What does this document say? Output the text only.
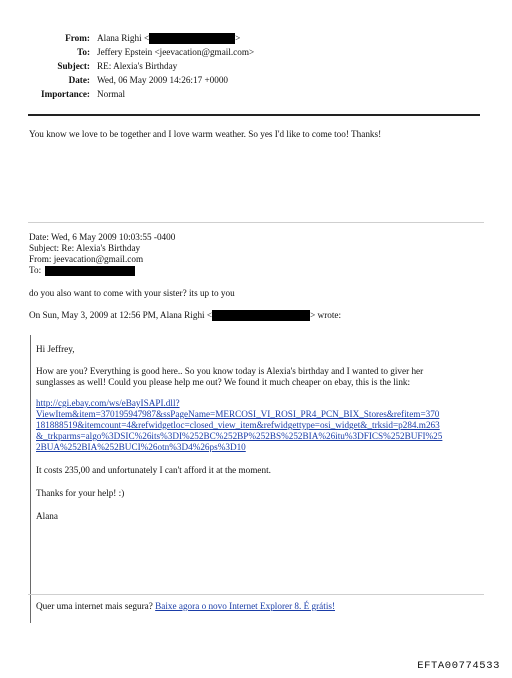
From: Alana Righi <	>
To: Jeffery Epstein <jeevacation@gmail.com>
Subject: RE: Alexia's Birthday
Date: Wed, 06 May 2009 14:26:17 +0000
Importance: Normal
You know we love to be together and I love warm weather. So yes I'd like to come too! Thanks!
Date: Wed, 6 May 2009 10:03:55 -0400
Subject: Re: Alexia's Birthday
From: jeevacation@gmail.com
To:
do you also want to come with your sister? its up to you
On Sun, May 3, 2009 at 12:56 PM, Alana Righi <	> wrote:
Hi Jeffrey,
How are you? Everything is good here.. So you know today is Alexia's birthday and I wanted to giver her
sunglasses as well! Could you please help me out? We found it much cheaper on ebay, this is the link:
http://cgi.ebay.com/ws/eBayISAPI.dll?
ViewItem&item=370195947987&ssPageName=MERCOSI_VI_ROSI_PR4_PCN_BIX_Stores&refitem=370
181888519&itemcount=4&refwidgetloc=closed_view_item&refwidgettype=osi_widget&_trksid=p284.m263
&_trkparms=algo%3DSIC%26its%3DI%252BC%252BP%252BS%252BIA%26itu%3DFICS%252BUFI%25
2BUA%252BIA%252BUCI%26otn%3D4%26ps%3D10
It costs 235,00 and unfortunately I can't afford it at the moment.
Thanks for your help! :)
Alana
Quer uma internet mais segura? Baixe agora o novo Internet Explorer 8. É grátis!
EFTA00774533
